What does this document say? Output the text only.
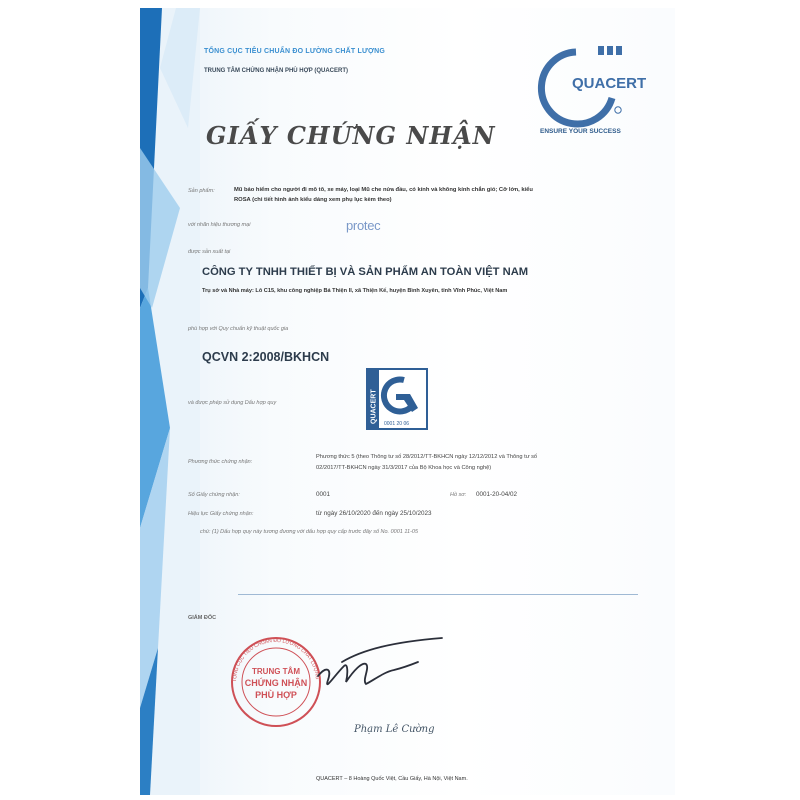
TỔNG CỤC TIÊU CHUẨN ĐO LƯỜNG CHẤT LƯỢNG
TRUNG TÂM CHỨNG NHẬN PHÙ HỢP (QUACERT)
QUACERT
ENSURE YOUR SUCCESS
GIẤY CHỨNG NHẬN
Sản phẩm:	Mũ bảo hiểm cho người đi mô tô, xe máy, loại Mũ che nửa đầu, có kính và không kính chắn gió; Cỡ lớn, kiểu
ROSA (chi tiết hình ảnh kiểu dáng xem phụ lục kèm theo)
với nhãn hiệu thương mại	protec
được sản xuất tại
CÔNG TY TNHH THIẾT BỊ VÀ SẢN PHẨM AN TOÀN VIỆT NAM
Trụ sở và Nhà máy: Lô C15, khu công nghiệp Bá Thiện II, xã Thiện Kế, huyện Bình Xuyên, tỉnh Vĩnh Phúc, Việt Nam
phù hợp với Quy chuẩn kỹ thuật quốc gia
QCVN 2:2008/BKHCN
và được phép sử dụng Dấu hợp quy	QUACERT 0001 20 06
Phương thức chứng nhận:
Phương thức 5 (theo Thông tư số 28/2012/TT-BKHCN ngày 12/12/2012 và Thông tư số
02/2017/TT-BKHCN ngày 31/3/2017 của Bộ Khoa học và Công nghệ)
Số Giấy chứng nhận:	0001	Hồ sơ: 0001-20-04/02
Hiệu lực Giấy chứng nhận:	từ ngày 26/10/2020 đến ngày 25/10/2023
chú: (1) Dấu hợp quy này tương đương với dấu hợp quy cấp trước đây số No. 0001 11-05
GIÁM ĐỐC
TỔNG CỤC TIÊU CHUẨN ĐO LƯỜNG CHẤT LƯỢNG
TRUNG TÂM
CHỨNG NHẬN
PHÙ HỢP
Phạm Lê Cường
QUACERT – 8 Hoàng Quốc Việt, Cầu Giấy, Hà Nội, Việt Nam.
